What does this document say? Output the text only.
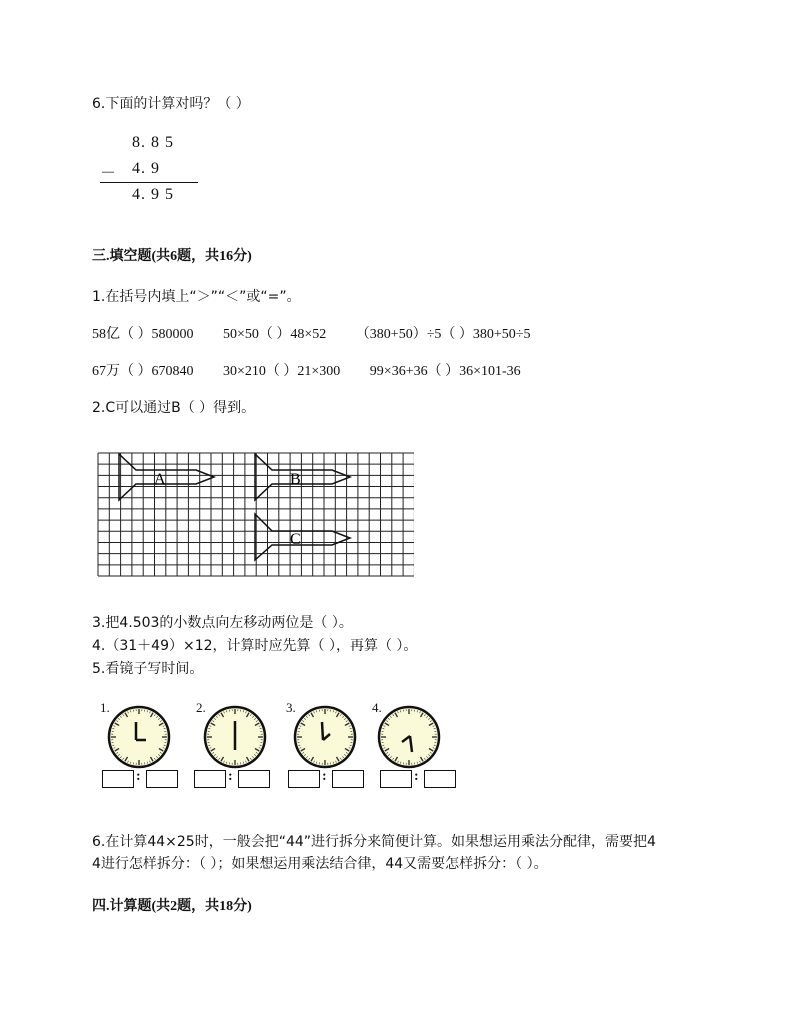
6.下面的计算对吗？（ ）
8. 8 5
－ 4. 9
4. 9 5
三.填空题(共6题，共16分)
1.在括号内填上“＞”“＜”或“=”。
58亿（ ）580000 50×50（ ）48×52 （380+50）÷5（ ）380+50÷5
67万（ ）670840 30×210（ ）21×300 99×36+36（ ）36×101-36
2.C可以通过B（ ）得到。
A	B
C
3.把4.503的小数点向左移动两位是（ ）。
4.（31＋49）×12，计算时应先算（ ），再算（ ）。
5.看镜子写时间。
1.
:
2.
:
3.
:
4.
:
6.在计算44×25时，一般会把“44”进行拆分来简便计算。如果想运用乘法分配律，需要把4
4进行怎样拆分：（ ）；如果想运用乘法结合律，44又需要怎样拆分：（ ）。
四.计算题(共2题，共18分)
